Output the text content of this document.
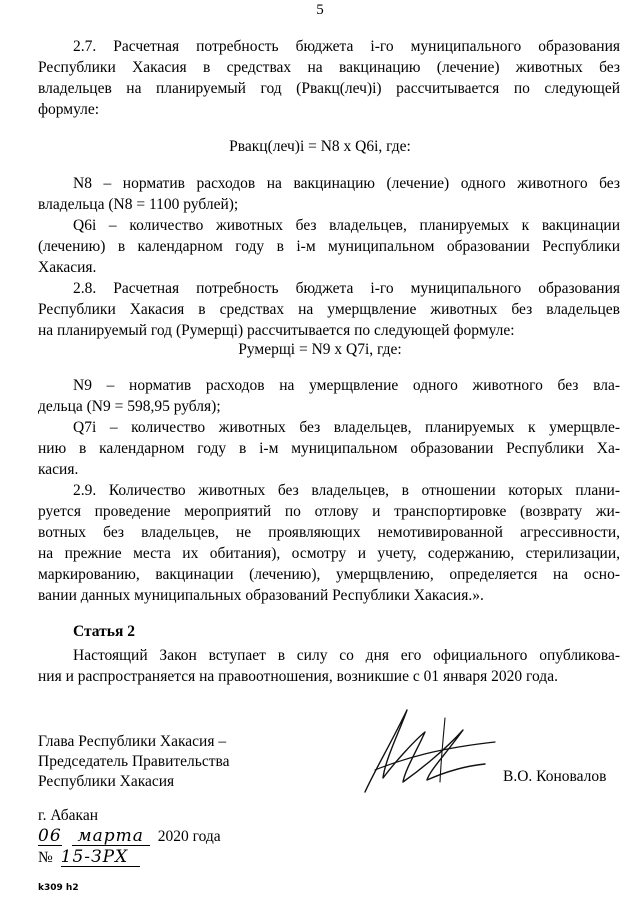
5
2.7. Расчетная потребность бюджета i-го муниципального образования
Республики Хакасия в средствах на вакцинацию (лечение) животных без
владельцев на планируемый год (Рвакц(леч)i) рассчитывается по следующей
формуле:
Рвакц(леч)i = N8 x Q6i, где:
N8 – норматив расходов на вакцинацию (лечение) одного животного без
владельца (N8 = 1100 рублей);
Q6i – количество животных без владельцев, планируемых к вакцинации
(лечению) в календарном году в i-м муниципальном образовании Республики
Хакасия.
2.8. Расчетная потребность бюджета i-го муниципального образования
Республики Хакасия в средствах на умерщвление животных без владельцев
на планируемый год (Румерщi) рассчитывается по следующей формуле:
Румерщi = N9 x Q7i, где:
N9 – норматив расходов на умерщвление одного животного без вла-
дельца (N9 = 598,95 рубля);
Q7i – количество животных без владельцев, планируемых к умерщвле-
нию в календарном году в i-м муниципальном образовании Республики Ха-
касия.
2.9. Количество животных без владельцев, в отношении которых плани-
руется проведение мероприятий по отлову и транспортировке (возврату жи-
вотных без владельцев, не проявляющих немотивированной агрессивности,
на прежние места их обитания), осмотру и учету, содержанию, стерилизации,
маркированию, вакцинации (лечению), умерщвлению, определяется на осно-
вании данных муниципальных образований Республики Хакасия.».
Статья 2
Настоящий Закон вступает в силу со дня его официального опубликова-
ния и распространяется на правоотношения, возникшие с 01 января 2020 года.
Глава Республики Хакасия –
Председатель Правительства
Республики Хакасия	В.О. Коновалов
г. Абакан
06 марта 2020 года
№ 15-ЗРХ
k309 h2
